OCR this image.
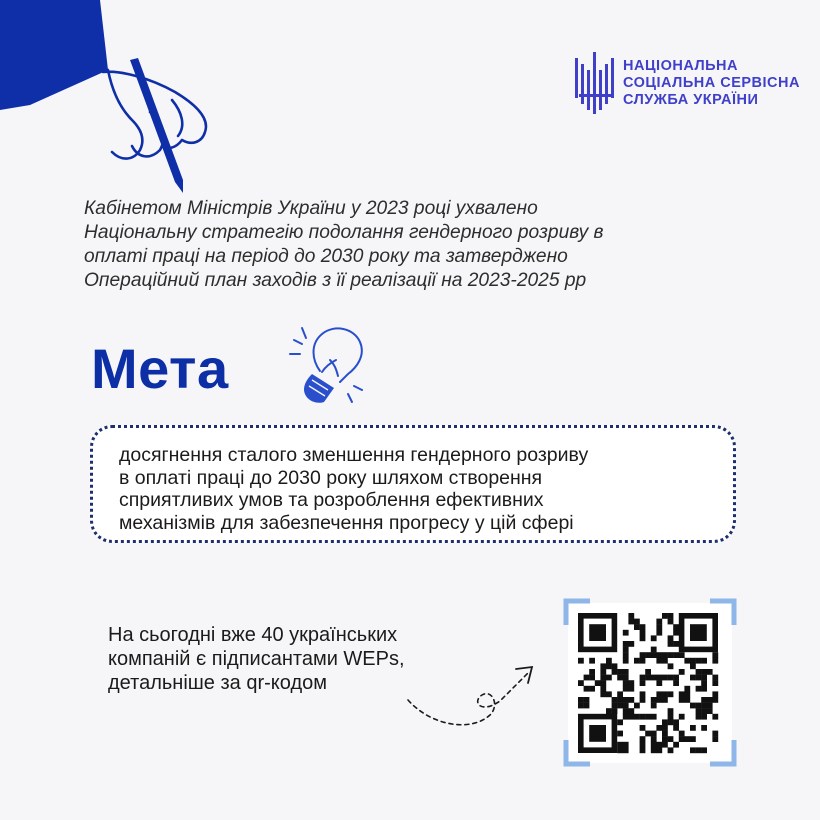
НАЦІОНАЛЬНА
СОЦІАЛЬНА СЕРВІСНА
СЛУЖБА УКРАЇНИ
Кабінетом Міністрів України у 2023 році ухвалено
Національну стратегію подолання гендерного розриву в
оплаті праці на період до 2030 року та затверджено
Операційний план заходів з її реалізації на 2023-2025 рр
Мета
досягнення сталого зменшення гендерного розриву
в оплаті праці до 2030 року шляхом створення
сприятливих умов та розроблення ефективних
механізмів для забезпечення прогресу у цій сфері
На сьогодні вже 40 українських
компаній є підписантами WEPs,
детальніше за qr-кодом
